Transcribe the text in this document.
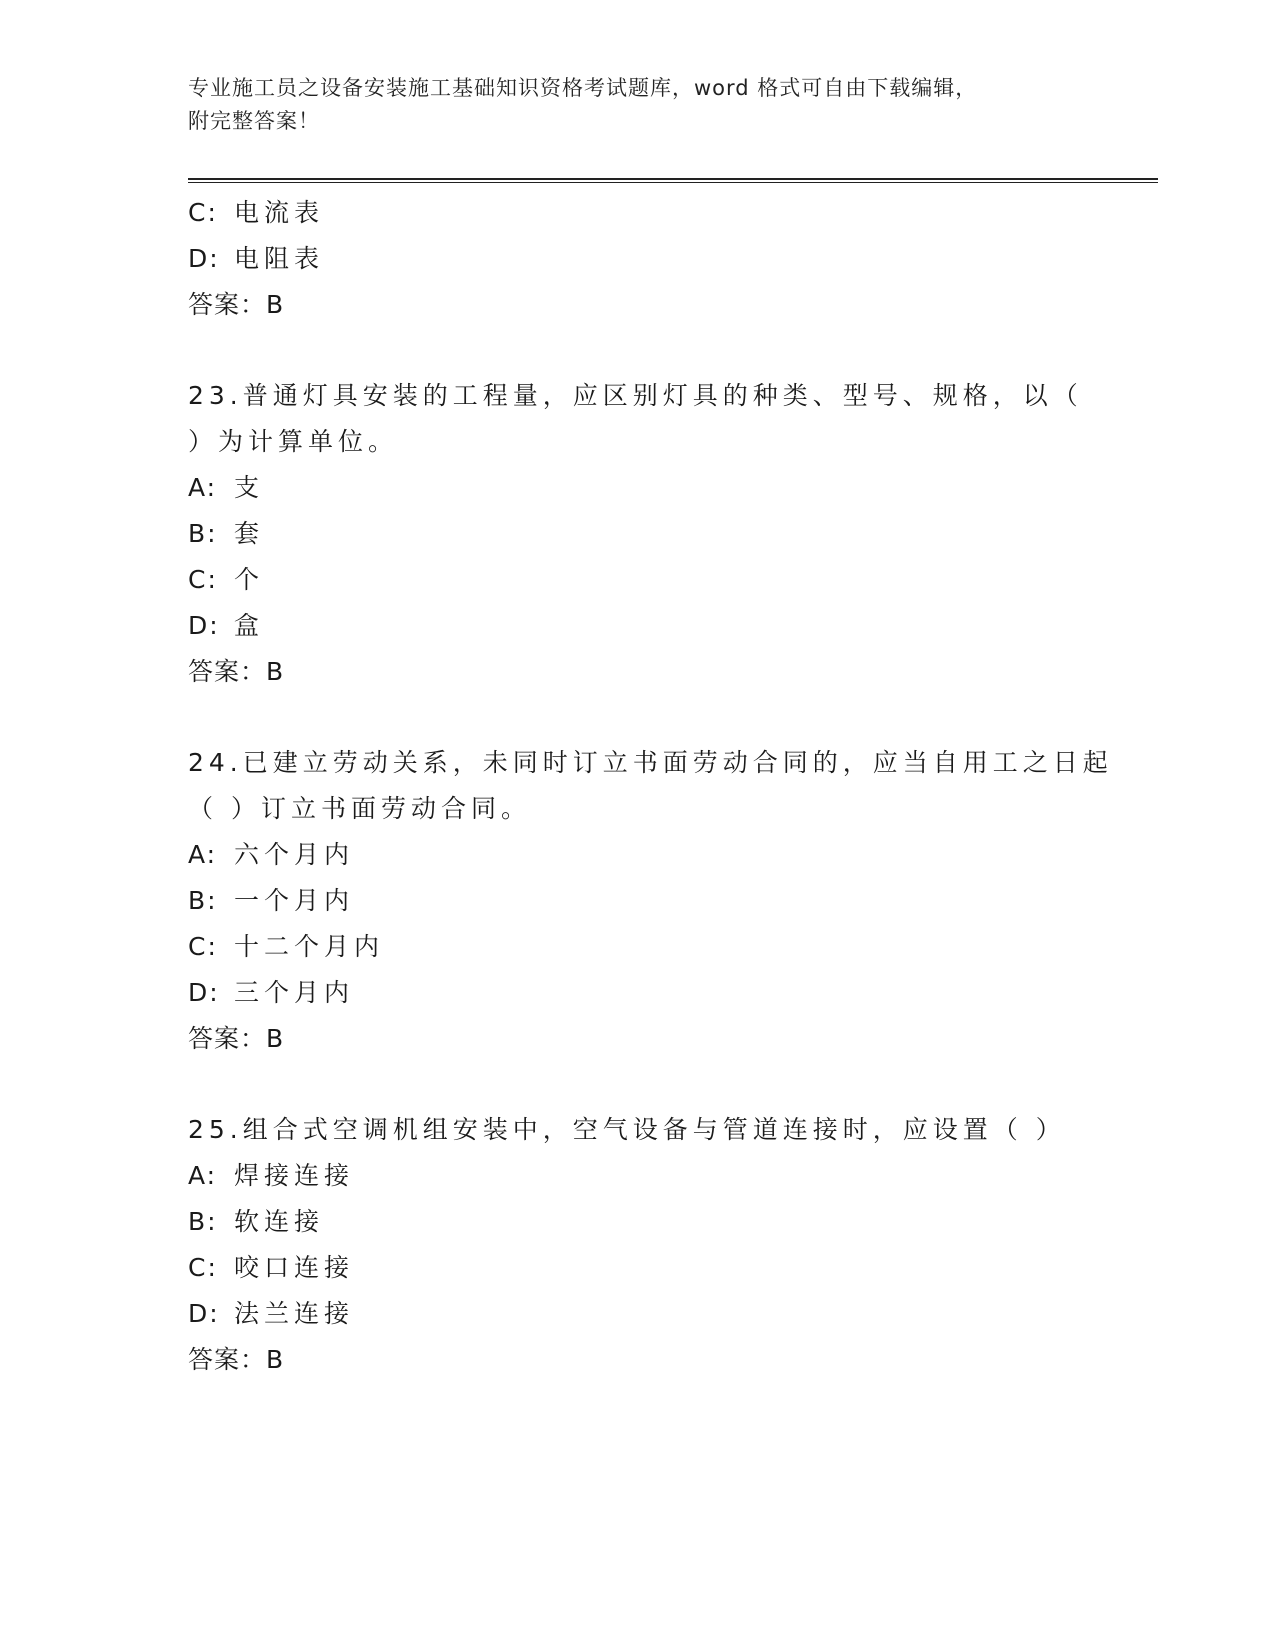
专业施工员之设备安装施工基础知识资格考试题库，word 格式可自由下载编辑，
附完整答案！
C: 电流表
D: 电阻表
答案：B
23.普通灯具安装的工程量，应区别灯具的种类、型号、规格，以（
）为计算单位。
A: 支
B: 套
C: 个
D: 盒
答案：B
24.已建立劳动关系，未同时订立书面劳动合同的，应当自用工之日起
（ ）订立书面劳动合同。
A: 六个月内
B: 一个月内
C: 十二个月内
D: 三个月内
答案：B
25.组合式空调机组安装中，空气设备与管道连接时，应设置（ ）
A: 焊接连接
B: 软连接
C: 咬口连接
D: 法兰连接
答案：B
